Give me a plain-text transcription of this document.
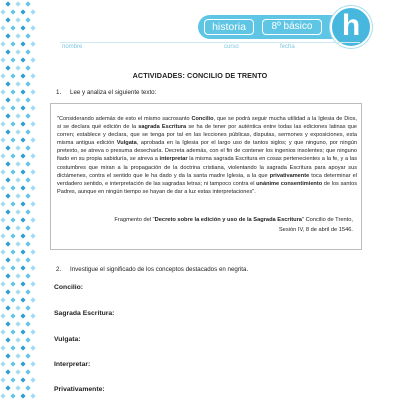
historia	8º básico h
nombre	curso	fecha
ACTIVIDADES: CONCILIO DE TRENTO
1. Lee y analiza el siguiente texto:
"Considerando además de esto el mismo sacrosanto Concilio, que se podrá seguir mucha utilidad a la Iglesia de Dios, si se declara qué edición de la sagrada Escritura se ha de tener por auténtica entre todas las ediciones latinas que corren; establece y declara, que se tenga por tal en las lecciones públicas, disputas, sermones y exposiciones, esta misma antigua edición Vulgata, aprobada en la Iglesia por el largo uso de tantos siglos; y que ninguno, por ningún pretexto, se atreva o presuma desecharla. Decreta además, con el fin de contener los ingenios insolentes; que ninguno fiado en su propia sabiduría, se atreva a interpretar la misma sagrada Escritura en cosas pertenecientes a la fe, y a las costumbres que miran a la propagación de la doctrina cristiana, violentando la sagrada Escritura para apoyar sus dictámenes, contra el sentido que le ha dado y da la santa madre Iglesia, a la que privativamente toca determinar el verdadero sentido, e interpretación de las sagradas letras; ni tampoco contra el unánime consentimiento de los santos Padres, aunque en ningún tiempo se hayan de dar a luz estas interpretaciones".
Fragmento del "Decreto sobre la edición y uso de la Sagrada Escritura" Concilio de Trento,
Sesión IV, 8 de abril de 1546.
2. Investigue el significado de los conceptos destacados en negrita.
Concilio:
Sagrada Escritura:
Vulgata:
Interpretar:
Privativamente:
